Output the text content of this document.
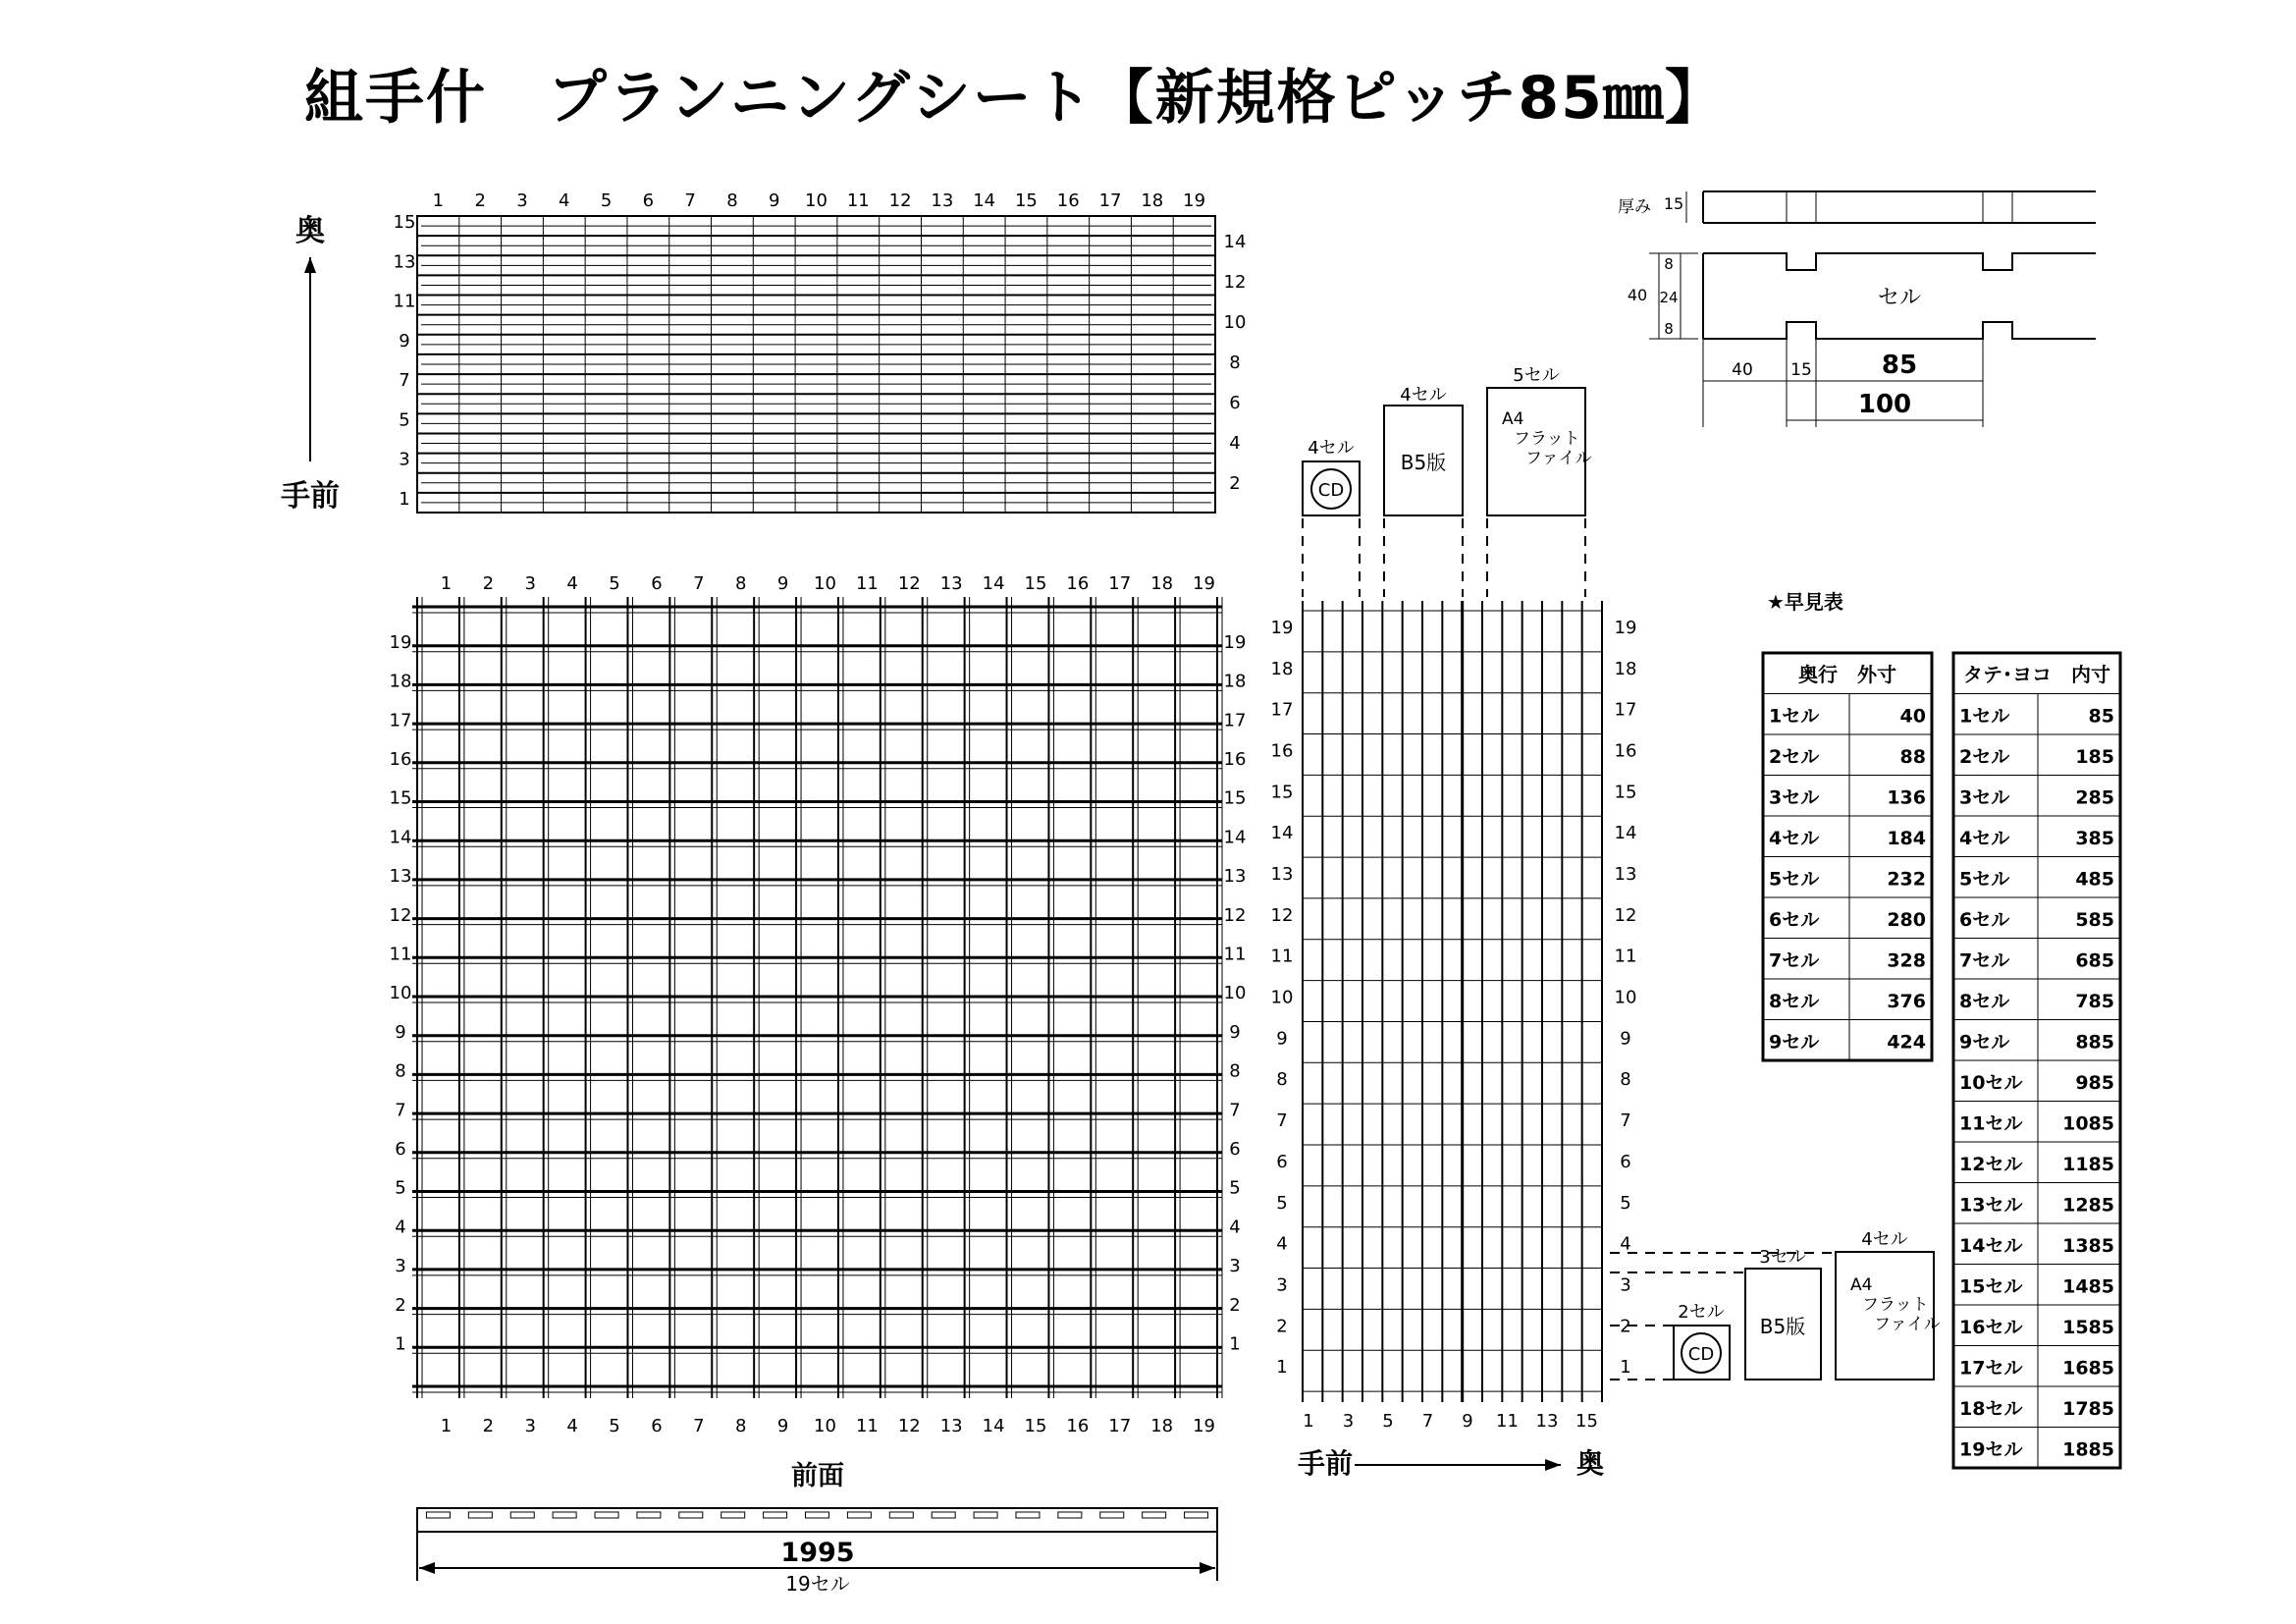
組手什　プランニングシート【新規格ピッチ85㎜】
1 2 3 4 5 6 7 8 9 10 11 12 13 14 15 16 17 18 19
15
13
11
9
7
5
3
1
14
12
10
8
6
4
2
奥
手前
1
1
2
2
3
3
4
4
5
5
6
6
7
7
8
8
9
9
10
10
11
11
12
12
13
13
14
14
15
15
16
16
17
17
18
18
19
19
19	19
18	18
17	17
16	16
15	15
14	14
13	13
12	12
11	11
10	10
9	9
8	8
7	7
6	6
5	5
4	4
3	3
2	2
1	1
前面
19	19
18	18
17	17
16	16
15	15
14	14
13	13
12	12
11	11
10	10
9	9
8	8
7	7
6	6
5	5
4	4
3	3
2	2
1	1
1 3 5 7 9 11 13 15
手前	奥
1995
19セル
CD
4セル
B5版
4セル
A4 フラットファイル
5セル
CD
2セル
B5版
3セル
A4 フラットファイル
4セル
厚み 15
セル
40
8
24
8
40 15	85
100
★早見表
奥行　外寸
1セル	40
2セル	88
3セル	136
4セル	184
5セル	232
6セル	280
7セル	328
8セル	376
9セル	424
タテ･ヨコ　内寸
1セル	85
2セル	185
3セル	285
4セル	385
5セル	485
6セル	585
7セル	685
8セル	785
9セル	885
10セル	985
11セル 1085
12セル 1185
13セル 1285
14セル 1385
15セル 1485
16セル 1585
17セル 1685
18セル 1785
19セル 1885
